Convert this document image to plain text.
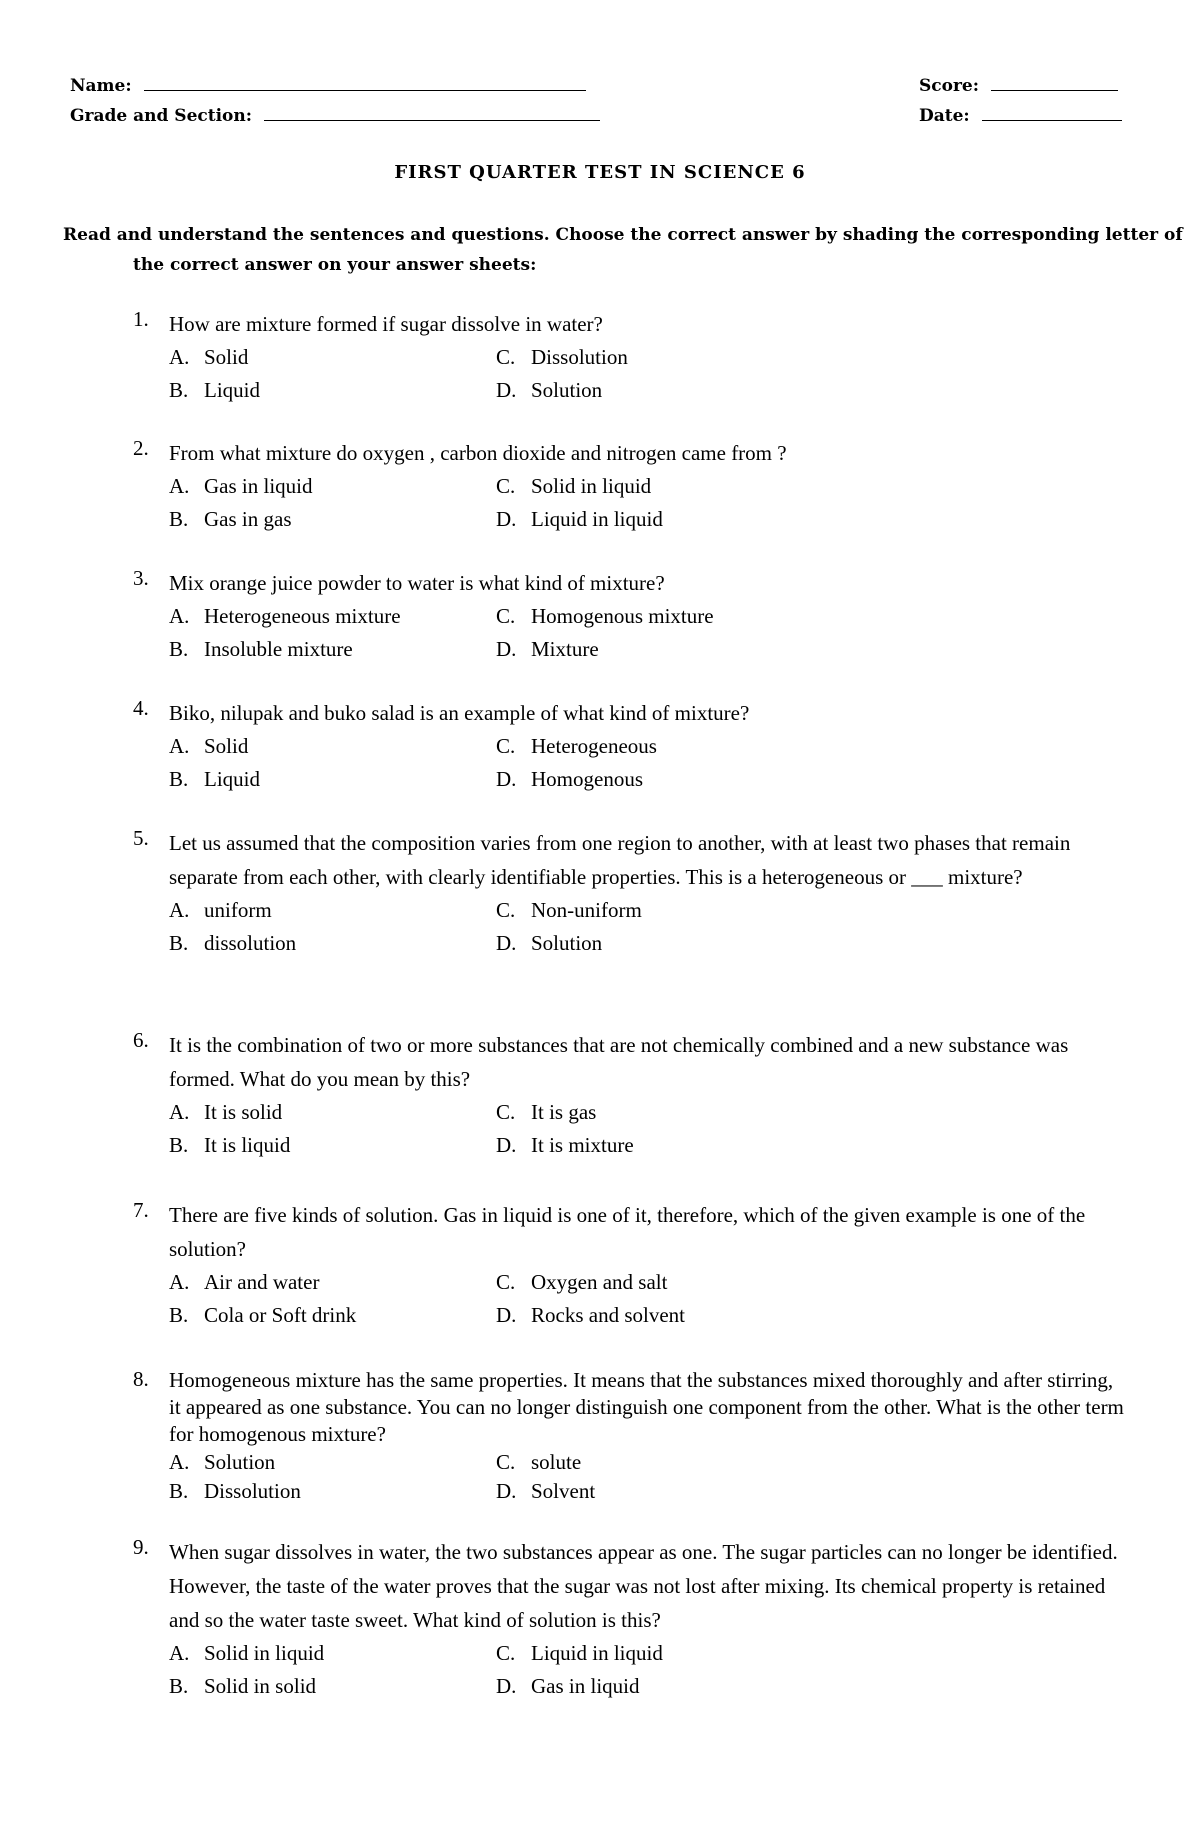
Name:
Grade and Section:
Score:
Date:
FIRST QUARTER TEST IN SCIENCE 6
Read and understand the sentences and questions. Choose the correct answer by shading the corresponding letter of the correct answer on your answer sheets:
1. How are mixture formed if sugar dissolve in water?
A. Solid	C. Dissolution
B. Liquid	D. Solution
2. From what mixture do oxygen , carbon dioxide and nitrogen came from ?
A. Gas in liquid	C. Solid in liquid
B. Gas in gas	D. Liquid in liquid
3. Mix orange juice powder to water is what kind of mixture?
A. Heterogeneous mixture	C. Homogenous mixture
B. Insoluble mixture	D. Mixture
4. Biko, nilupak and buko salad is an example of what kind of mixture?
A. Solid	C. Heterogeneous
B. Liquid	D. Homogenous
5. Let us assumed that the composition varies from one region to another, with at least two phases that remain separate from each other, with clearly identifiable properties. This is a heterogeneous or ___ mixture?
A. uniform	C. Non-uniform
B. dissolution	D. Solution
6. It is the combination of two or more substances that are not chemically combined and a new substance was formed. What do you mean by this?
A. It is solid	C. It is gas
B. It is liquid	D. It is mixture
7. There are five kinds of solution. Gas in liquid is one of it, therefore, which of the given example is one of the solution?
A. Air and water	C. Oxygen and salt
B. Cola or Soft drink	D. Rocks and solvent
8. Homogeneous mixture has the same properties. It means that the substances mixed thoroughly and after stirring, it appeared as one substance. You can no longer distinguish one component from the other. What is the other term for homogenous mixture?
A. Solution	C. solute
B. Dissolution	D. Solvent
9. When sugar dissolves in water, the two substances appear as one. The sugar particles can no longer be identified. However, the taste of the water proves that the sugar was not lost after mixing. Its chemical property is retained and so the water taste sweet. What kind of solution is this?
A. Solid in liquid	C. Liquid in liquid
B. Solid in solid	D. Gas in liquid
